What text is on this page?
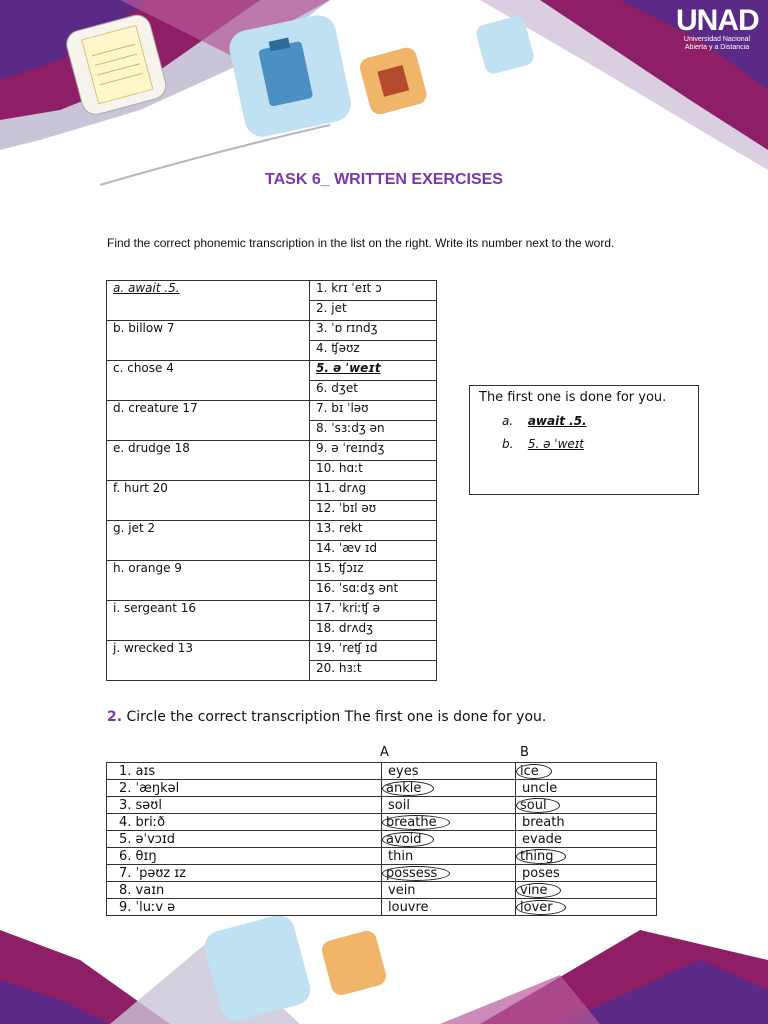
UNAD
Universidad Nacional
Abierta y a Distancia
TASK 6_ WRITTEN EXERCISES
Find the correct phonemic transcription in the list on the right. Write its number next to the word.
a. await .5.	1. krɪ ˈeɪt ɔ
	2. jet
b. billow 7	3. ˈɒ rɪndʒ
	4. ʧəʊz
c. chose 4	5. ə ˈweɪt
	6. dʒet
d. creature 17	7. bɪ ˈləʊ
	8. ˈsɜːdʒ ən
e. drudge 18	9. ə ˈreɪndʒ
	10. hɑːt
f. hurt 20	11. drʌg
	12. ˈbɪl əʊ
g. jet 2	13. rekt
	14. ˈæv ɪd
h. orange 9	15. ʧɔɪz
	16. ˈsɑːdʒ ənt
i. sergeant 16	17. ˈkriːʧ ə
	18. drʌdʒ
j. wrecked 13	19. ˈreʧ ɪd
	20. hɜːt
The first one is done for you.
a. await .5.
b. 5. ə ˈweɪt
2. Circle the correct transcription The first one is done for you.
A	B
1. aɪs	eyes	ice
2. ˈæŋkəl	ankle	uncle
3. səʊl	soil	soul
4. briːð	breathe	breath
5. əˈvɔɪd	avoid	evade
6. θɪŋ	thin	thing
7. ˈpəʊz ɪz	possess	poses
8. vaɪn	vein	vine
9. ˈluːv ə	louvre	lover
